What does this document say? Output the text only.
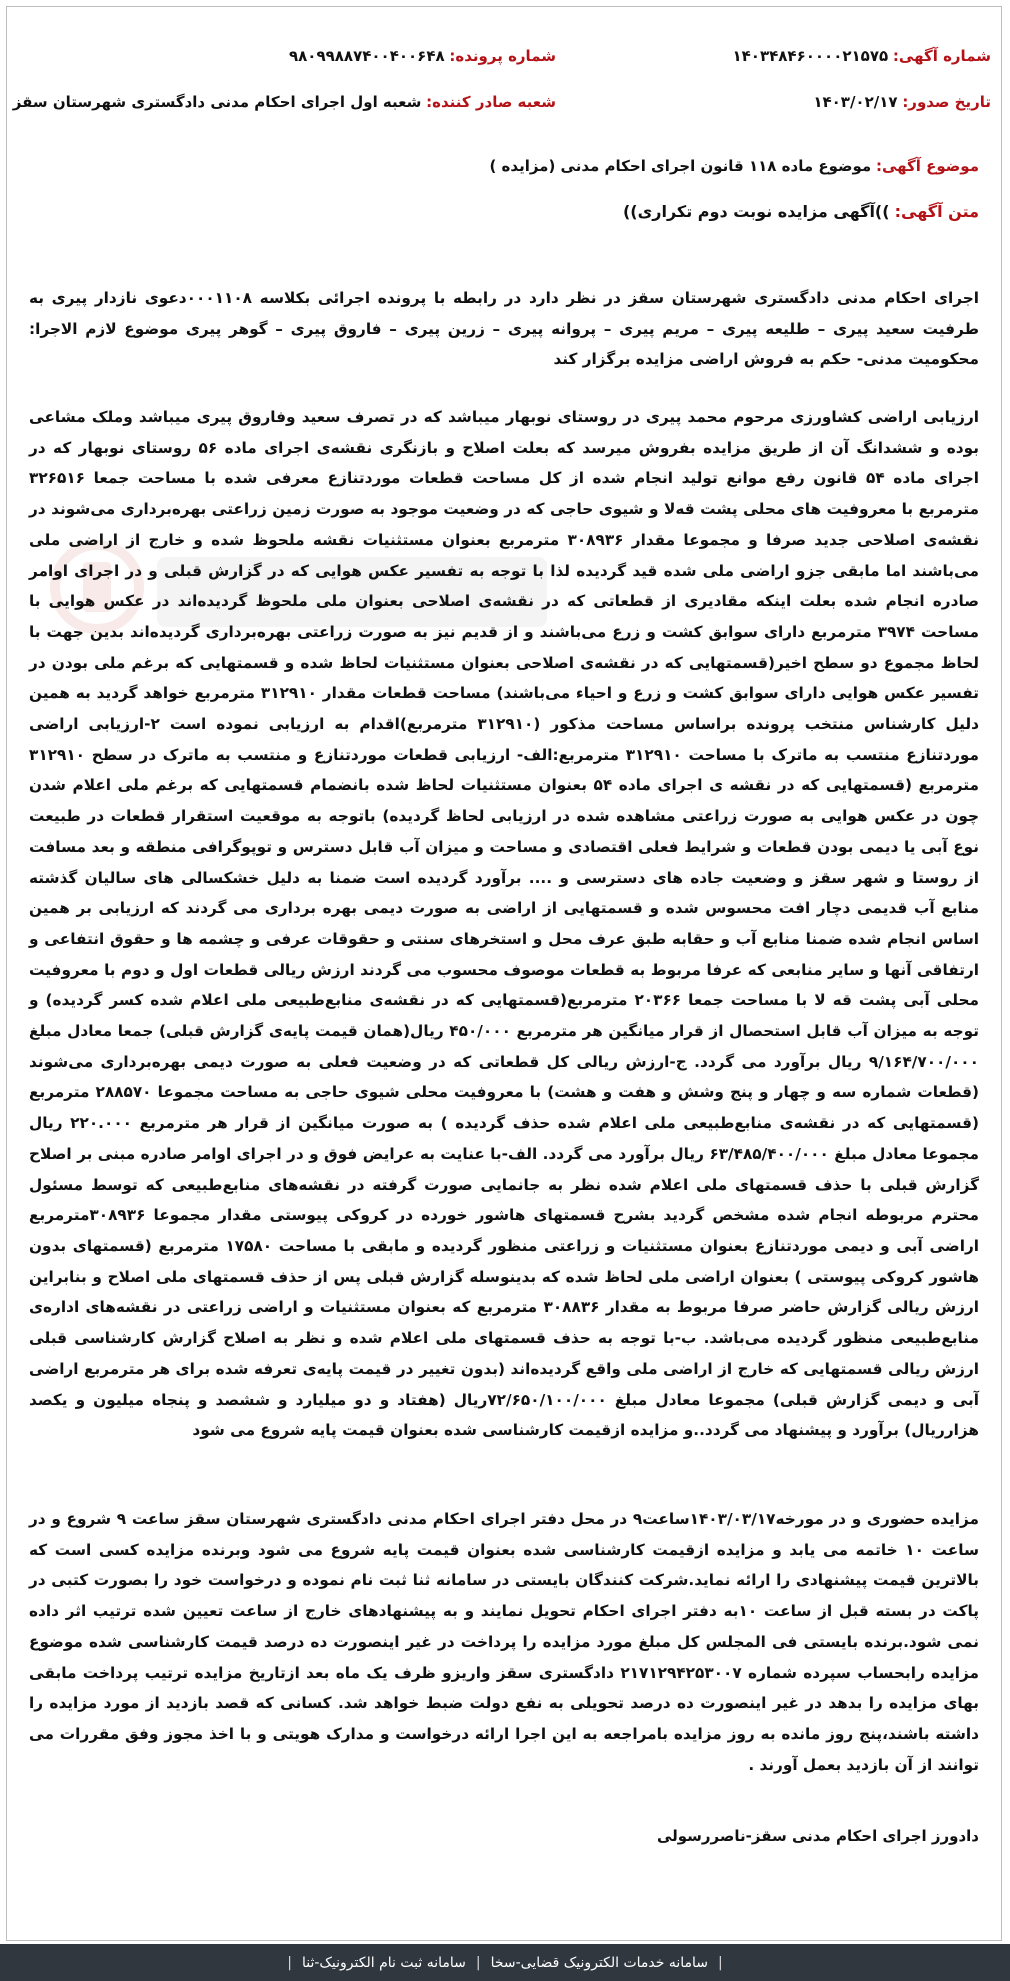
شماره آگهی: ۱۴۰۳۴۸۴۶۰۰۰۰۲۱۵۷۵
شماره پرونده: ۹۸۰۹۹۸۸۷۴۰۰۴۰۰۶۴۸
تاریخ صدور: ۱۴۰۳/۰۲/۱۷
شعبه صادر کننده: شعبه اول اجرای احکام مدنی دادگستری شهرستان سقز
موضوع آگهی: موضوع ماده ۱۱۸ قانون اجرای احکام مدنی (مزایده )
متن آگهی: ))آگهی مزایده نوبت دوم تکراری))

اجرای احکام مدنی دادگستری شهرستان سقز در نظر دارد در رابطه با پرونده اجرائی بکلاسه ۰۰۰۱۱۰۸دعوی نازدار پیری به طرفیت سعید پیری – طلیعه پیری – مریم پیری – پروانه پیری – زرین پیری – فاروق پیری – گوهر پیری موضوع لازم الاجرا: محکومیت مدنی- حکم به فروش اراضی مزایده برگزار کند

ارزیابی اراضی کشاورزی مرحوم محمد پیری در روستای نوبهار میباشد که در تصرف سعید وفاروق پیری میباشد وملک مشاعی بوده و ششدانگ آن از طریق مزایده بفروش میرسد که بعلت اصلاح و بازنگری نقشه‌ی اجرای ماده ۵۶ روستای نوبهار که در اجرای ماده ۵۴ قانون رفع موانع تولید انجام شده از کل مساحت قطعات موردتنازع معرفی شده با مساحت جمعا ۳۲۶۵۱۶ مترمربع با معروفیت های محلی پشت قه‌لا و شیوی حاجی که در وضعیت موجود به صورت زمین زراعتی بهره‌برداری می‌شوند در نقشه‌ی اصلاحی جدید صرفا و مجموعا مقدار ۳۰۸۹۳۶ مترمربع بعنوان مستثنیات نقشه ملحوظ شده و خارج از اراضی ملی می‌باشند اما مابقی جزو اراضی ملی شده قید گردیده لذا با توجه به تفسیر عکس هوایی که در گزارش قبلی و در اجرای اوامر صادره انجام شده بعلت اینکه مقادیری از قطعاتی که در نقشه‌ی اصلاحی بعنوان ملی ملحوظ گردیده‌اند در عکس هوایی با مساحت ۳۹۷۴ مترمربع دارای سوابق کشت و زرع می‌باشند و از قدیم نیز به صورت زراعتی بهره‌برداری گردیده‌اند بدین جهت با لحاظ مجموع دو سطح اخیر(قسمتهایی که در نقشه‌ی اصلاحی بعنوان مستثنیات لحاظ شده و قسمتهایی که برغم ملی بودن در تفسیر عکس هوایی دارای سوابق کشت و زرع و احیاء می‌باشند) مساحت قطعات مقدار ۳۱۲۹۱۰ مترمربع خواهد گردید به همین دلیل کارشناس منتخب پرونده براساس مساحت مذکور (۳۱۲۹۱۰ مترمربع)اقدام به ارزیابی نموده است ۲-ارزیابی اراضی موردتنازع منتسب به ماترک با مساحت ۳۱۲۹۱۰ مترمربع:الف- ارزیابی قطعات موردتنازع و منتسب به ماترک در سطح ۳۱۲۹۱۰ مترمربع (قسمتهایی که در نقشه ی اجرای ماده ۵۴ بعنوان مستثنیات لحاظ شده بانضمام قسمتهایی که برغم ملی اعلام شدن چون در عکس هوایی به صورت زراعتی مشاهده شده در ارزیابی لحاظ گردیده) باتوجه به موقعیت استقرار قطعات در طبیعت نوع آبی یا دیمی بودن قطعات و شرایط فعلی اقتصادی و مساحت و میزان آب قابل دسترس و توپوگرافی منطقه و بعد مسافت از روستا و شهر سقز و وضعیت جاده های دسترسی و .... برآورد گردیده است ضمنا به دلیل خشکسالی های سالیان گذشته منابع آب قدیمی دچار افت محسوس شده و قسمتهایی از اراضی به صورت دیمی بهره برداری می گردند که ارزیابی بر همین اساس انجام شده ضمنا منابع آب و حقابه طبق عرف محل و استخرهای سنتی و حقوقات عرفی و چشمه ها و حقوق انتفاعی و ارتفاقی آنها و سایر منابعی که عرفا مربوط به قطعات موصوف محسوب می گردند ارزش ریالی قطعات اول و دوم با معروفیت محلی آبی پشت قه لا با مساحت جمعا ۲۰۳۶۶ مترمربع(قسمتهایی که در نقشه‌ی منابع‌طبیعی ملی اعلام شده کسر گردیده) و توجه به میزان آب قابل استحصال از قرار میانگین هر مترمربع ۴۵۰/۰۰۰ ریال(همان قیمت پایه‌ی گزارش قبلی) جمعا معادل مبلغ ۹/۱۶۴/۷۰۰/۰۰۰ ریال برآورد می گردد. ج-ارزش ریالی کل قطعاتی که در وضعیت فعلی به صورت دیمی بهره‌برداری می‌شوند (قطعات شماره سه و چهار و پنج وشش و هفت و هشت) با معروفیت محلی شیوی حاجی به مساحت مجموعا ۲۸۸۵۷۰ مترمربع (قسمتهایی که در نقشه‌ی منابع‌طبیعی ملی اعلام شده حذف گردیده ) به صورت میانگین از قرار هر مترمربع ۲۲۰.۰۰۰ ریال مجموعا معادل مبلغ ۶۳/۴۸۵/۴۰۰/۰۰۰ ریال برآورد می گردد. الف-با عنایت به عرایض فوق و در اجرای اوامر صادره مبنی بر اصلاح گزارش قبلی با حذف قسمتهای ملی اعلام شده نظر به جانمایی صورت گرفته در نقشه‌های منابع‌طبیعی که توسط مسئول محترم مربوطه انجام شده مشخص گردید بشرح قسمتهای هاشور خورده در کروکی پیوستی مقدار مجموعا ۳۰۸۹۳۶مترمربع اراضی آبی و دیمی موردتنازع بعنوان مستثنیات و زراعتی منظور گردیده و مابقی با مساحت ۱۷۵۸۰ مترمربع (قسمتهای بدون هاشور کروکی پیوستی ) بعنوان اراضی ملی لحاظ شده که بدینوسله گزارش قبلی پس از حذف قسمتهای ملی اصلاح و بنابراین ارزش ریالی گزارش حاضر صرفا مربوط به مقدار ۳۰۸۸۳۶ مترمربع که بعنوان مستثنیات و اراضی زراعتی در نقشه‌های اداره‌ی منابع‌طبیعی منظور گردیده می‌باشد. ب-با توجه به حذف قسمتهای ملی اعلام شده و نظر به اصلاح گزارش کارشناسی قبلی ارزش ریالی قسمتهایی که خارج از اراضی ملی واقع گردیده‌اند (بدون تغییر در قیمت پایه‌ی تعرفه شده برای هر مترمربع اراضی آبی و دیمی گزارش قبلی) مجموعا معادل مبلغ ۷۲/۶۵۰/۱۰۰/۰۰۰ریال (هفتاد و دو میلیارد و ششصد و پنجاه میلیون و یکصد هزارریال) برآورد و پیشنهاد می گردد..و مزایده ازقیمت کارشناسی شده بعنوان قیمت پایه شروع می شود

مزایده حضوری و در مورخه۱۴۰۳/۰۳/۱۷ساعت۹ در محل دفتر اجرای احکام مدنی دادگستری شهرستان سقز ساعت ۹ شروع و در ساعت ۱۰ خاتمه می یابد و مزایده ازقیمت کارشناسی شده بعنوان قیمت پایه شروع می شود وبرنده مزایده کسی است که بالاترین قیمت پیشنهادی را ارائه نماید.شرکت کنندگان بایستی در سامانه ثنا ثبت نام نموده و درخواست خود را بصورت کتبی در پاکت در بسته قبل از ساعت ۱۰به دفتر اجرای احکام تحویل نمایند و به پیشنهادهای خارج از ساعت تعیین شده ترتیب اثر داده نمی شود.برنده بایستی فی المجلس کل مبلغ مورد مزایده را پرداخت در غیر اینصورت ده درصد قیمت کارشناسی شده موضوع مزایده رابحساب سپرده شماره ۲۱۷۱۲۹۴۲۵۳۰۰۷ دادگستری سقز واریزو ظرف یک ماه بعد ازتاریخ مزایده ترتیب پرداخت مابقی بهای مزایده را بدهد در غیر اینصورت ده درصد تحویلی به نفع دولت ضبط خواهد شد. کسانی که قصد بازدید از مورد مزایده را داشته باشند،پنج روز مانده به روز مزایده بامراجعه به این اجرا ارائه درخواست و مدارک هویتی و با اخذ مجوز وفق مقررات می توانند از آن بازدید بعمل آورند .

دادورز اجرای احکام مدنی سقز-ناصررسولی
|
سامانه خدمات الکترونیک قضایی-سخا
|
سامانه ثبت نام الکترونیک-ثنا
|
